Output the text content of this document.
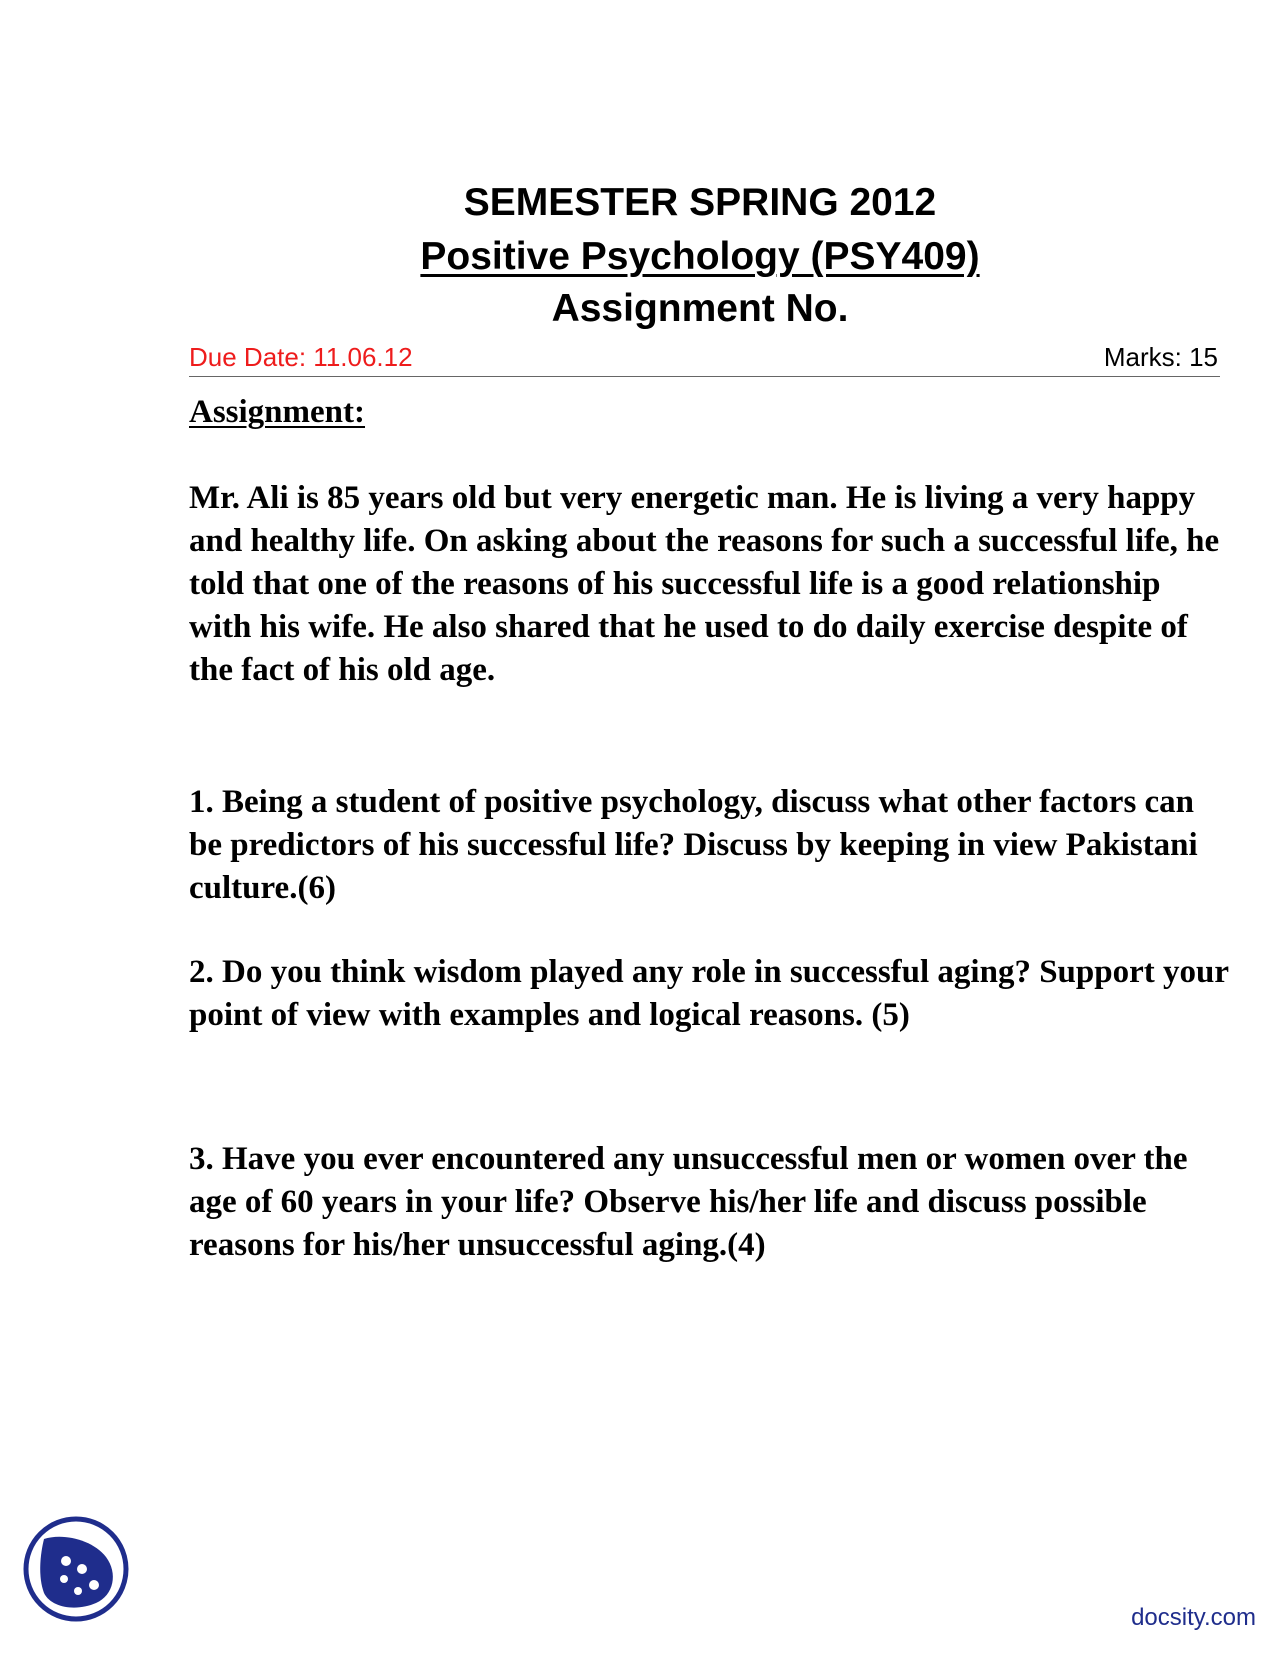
SEMESTER SPRING 2012
Positive Psychology (PSY409)
Assignment No.
Due Date: 11.06.12	Marks: 15
Assignment:

Mr. Ali is 85 years old but very energetic man. He is living a very happy and healthy life. On asking about the reasons for such a successful life, he told that one of the reasons of his successful life is a good relationship with his wife. He also shared that he used to do daily exercise despite of the fact of his old age.

1. Being a student of positive psychology, discuss what other factors can be predictors of his successful life? Discuss by keeping in view Pakistani culture.(6)

2. Do you think wisdom played any role in successful aging? Support your point of view with examples and logical reasons. (5)

3. Have you ever encountered any unsuccessful men or women over the age of 60 years in your life? Observe his/her life and discuss possible reasons for his/her unsuccessful aging.(4)

docsity.com
